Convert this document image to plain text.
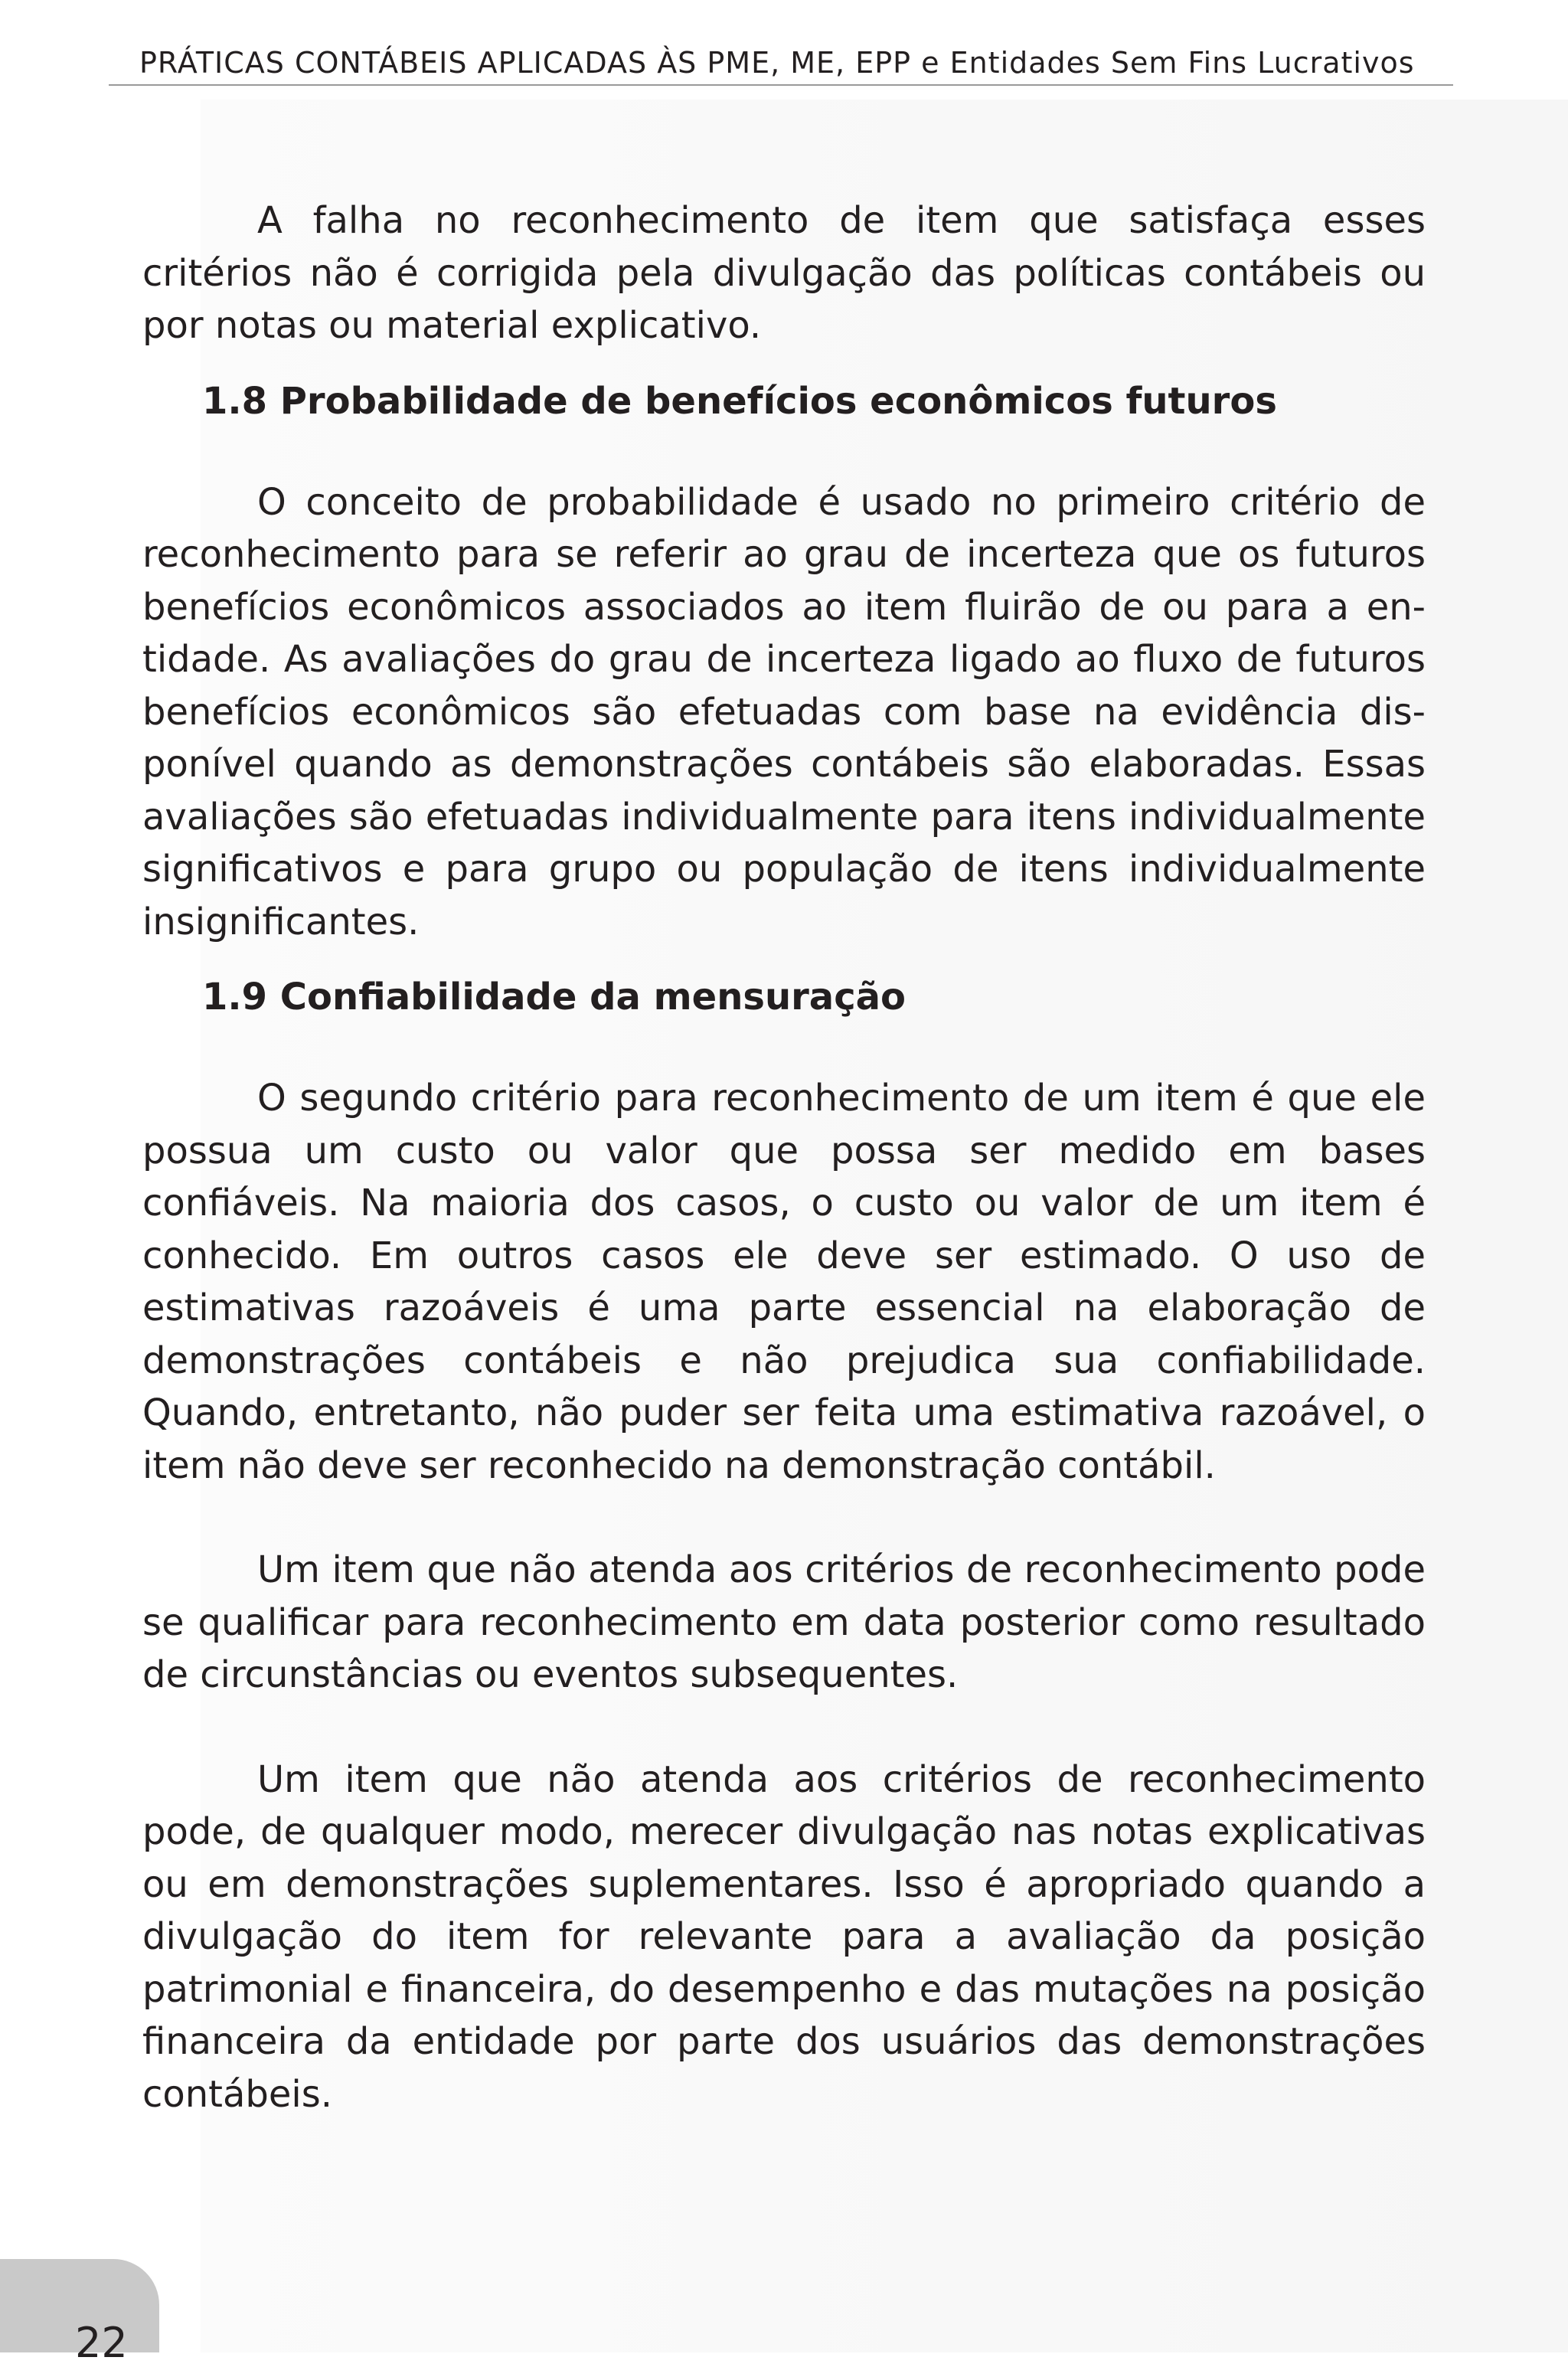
PRÁTICAS CONTÁBEIS APLICADAS ÀS PME, ME, EPP e Entidades Sem Fins Lucrativos

A falha no reconhecimento de item que satisfaça esses critérios não é corrigida pela divulgação das políticas contábeis ou por notas ou material explicativo.

1.8 Probabilidade de benefícios econômicos futuros

O conceito de probabilidade é usado no primeiro critério de reconhecimento para se referir ao grau de incerteza que os futuros benefícios econômicos associados ao item fluirão de ou para a entidade. As avaliações do grau de incerteza ligado ao fluxo de futuros benefícios econômicos são efetuadas com base na evidência disponível quando as demonstrações contábeis são elaboradas. Essas avaliações são efetuadas individualmente para itens individualmente significativos e para grupo ou população de itens individualmente insignificantes.

1.9 Confiabilidade da mensuração

O segundo critério para reconhecimento de um item é que ele possua um custo ou valor que possa ser medido em bases confiáveis. Na maioria dos casos, o custo ou valor de um item é conhecido. Em outros casos ele deve ser estimado. O uso de estimativas razoáveis é uma parte essencial na elaboração de demonstrações contábeis e não prejudica sua confiabilidade. Quando, entretanto, não puder ser feita uma estimativa razoável, o item não deve ser reconhecido na demonstração contábil.

Um item que não atenda aos critérios de reconhecimento pode se qualificar para reconhecimento em data posterior como resultado de circunstâncias ou eventos subsequentes.

Um item que não atenda aos critérios de reconhecimento pode, de qualquer modo, merecer divulgação nas notas explicativas ou em demonstrações suplementares. Isso é apropriado quando a divulgação do item for relevante para a avaliação da posição patrimonial e financeira, do desempenho e das mutações na posição financeira da entidade por parte dos usuários das demonstrações contábeis.

22
